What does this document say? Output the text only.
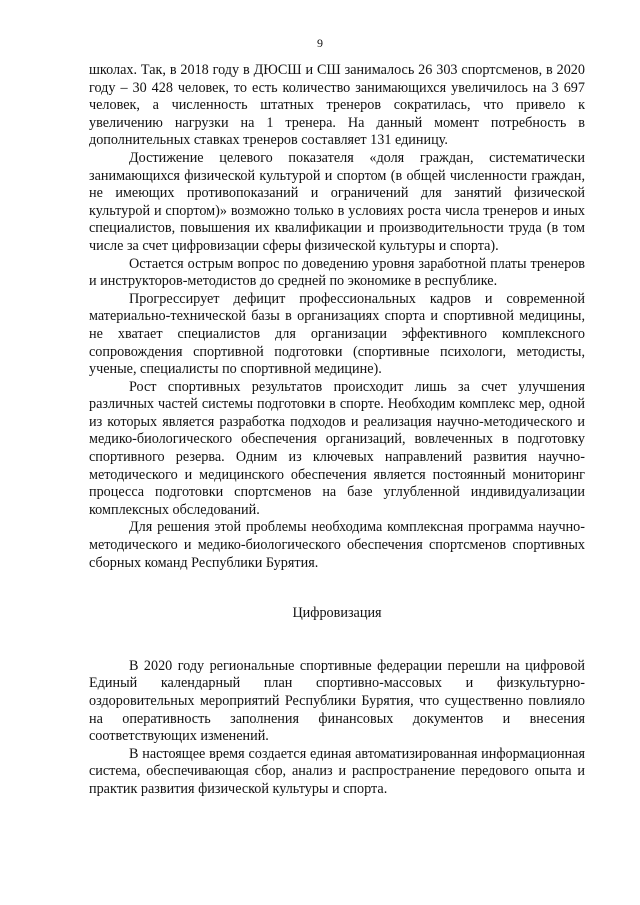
9

школах. Так, в 2018 году в ДЮСШ и СШ занималось 26 303 спортсменов, в 2020 году – 30 428 человек, то есть количество занимающихся увеличилось на 3 697 человек, а численность штатных тренеров сократилась, что привело к увеличению нагрузки на 1 тренера. На данный момент потребность в дополнительных ставках тренеров составляет 131 единицу.

Достижение целевого показателя «доля граждан, систематически занимающихся физической культурой и спортом (в общей численности граждан, не имеющих противопоказаний и ограничений для занятий физической культурой и спортом)» возможно только в условиях роста числа тренеров и иных специалистов, повышения их квалификации и производительности труда (в том числе за счет цифровизации сферы физической культуры и спорта).

Остается острым вопрос по доведению уровня заработной платы тренеров и инструкторов-методистов до средней по экономике в республике.

Прогрессирует дефицит профессиональных кадров и современной материально-технической базы в организациях спорта и спортивной медицины, не хватает специалистов для организации эффективного комплексного сопровождения спортивной подготовки (спортивные психологи, методисты, ученые, специалисты по спортивной медицине).

Рост спортивных результатов происходит лишь за счет улучшения различных частей системы подготовки в спорте. Необходим комплекс мер, одной из которых является разработка подходов и реализация научно-методического и медико-биологического обеспечения организаций, вовлеченных в подготовку спортивного резерва. Одним из ключевых направлений развития научно-методического и медицинского обеспечения является постоянный мониторинг процесса подготовки спортсменов на базе углубленной индивидуализации комплексных обследований.

Для решения этой проблемы необходима комплексная программа научно-методического и медико-биологического обеспечения спортсменов спортивных сборных команд Республики Бурятия.

Цифровизация

В 2020 году региональные спортивные федерации перешли на цифровой Единый календарный план спортивно-массовых и физкультурно-оздоровительных мероприятий Республики Бурятия, что существенно повлияло на оперативность заполнения финансовых документов и внесения соответствующих изменений.

В настоящее время создается единая автоматизированная информационная система, обеспечивающая сбор, анализ и распространение передового опыта и практик развития физической культуры и спорта.
